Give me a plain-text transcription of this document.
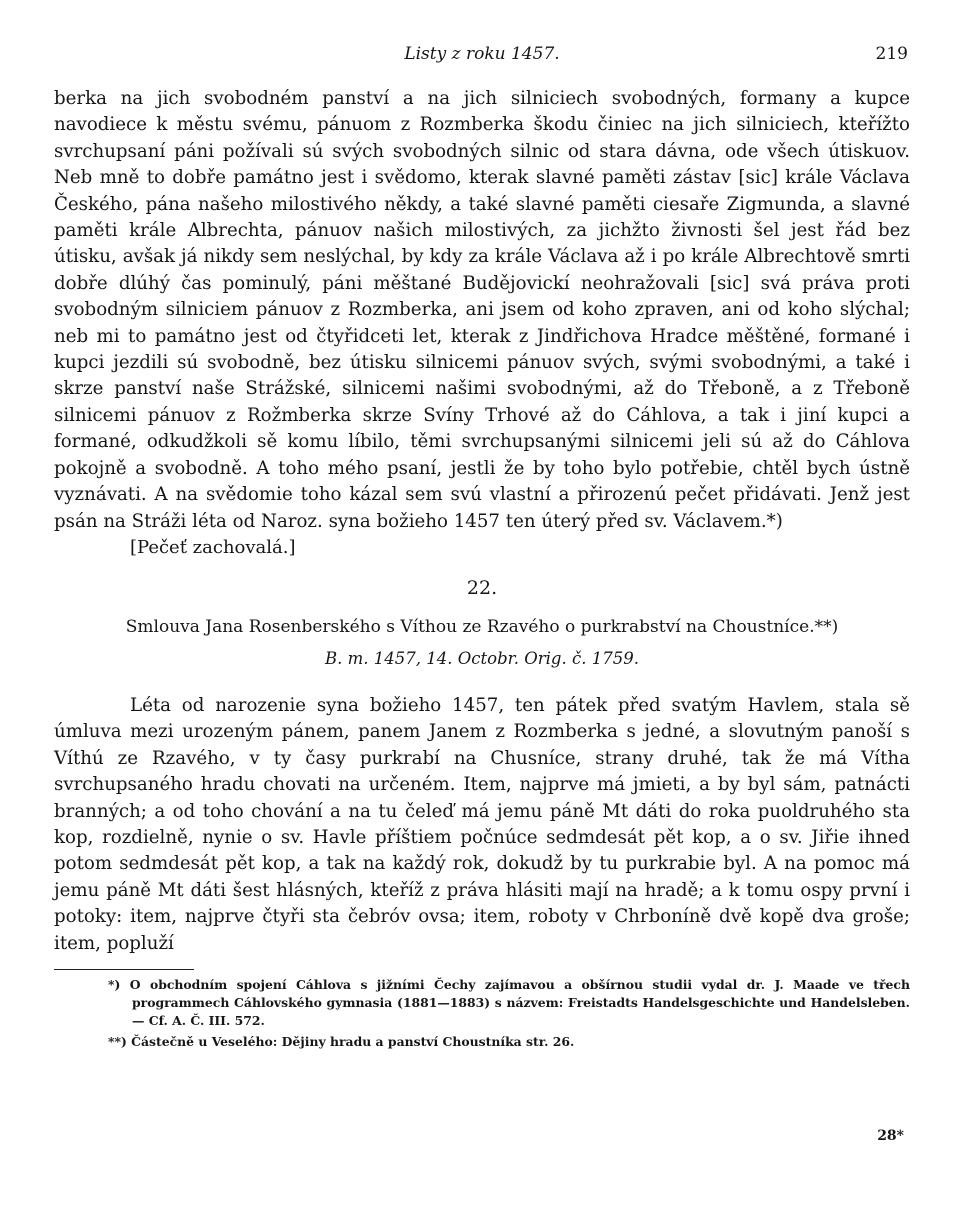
Listy z roku 1457.	219

berka na jich svobodném panství a na jich silniciech svobodných, formany a kupce navodiece k městu svému, pánuom z Rozmberka škodu činiec na jich silniciech, kteřížto svrchupsaní páni požívali sú svých svobodných silnic od stara dávna, ode všech útiskuov. Neb mně to dobře památno jest i svědomo, kterak slavné paměti zástav [sic] krále Václava Českého, pána našeho milostivého někdy, a také slavné paměti ciesaře Zigmunda, a slavné paměti krále Albrechta, pánuov našich milostivých, za jichžto živnosti šel jest řád bez útisku, avšak já nikdy sem neslýchal, by kdy za krále Václava až i po krále Albrechtově smrti dobře dlúhý čas pominulý, páni měštané Budějovickí neohražovali [sic] svá práva proti svobodným silniciem pánuov z Rozmberka, ani jsem od koho zpraven, ani od koho slýchal; neb mi to památno jest od čtyřidceti let, kterak z Jindřichova Hradce měštěné, formané i kupci jezdili sú svobodně, bez útisku silnicemi pánuov svých, svými svobodnými, a také i skrze panství naše Strážské, silnicemi našimi svobodnými, až do Třeboně, a z Třeboně silnicemi pánuov z Rožmberka skrze Svíny Trhové až do Cáhlova, a tak i jiní kupci a formané, odkudžkoli sě komu líbilo, těmi svrchupsanými silnicemi jeli sú až do Cáhlova pokojně a svobodně. A toho mého psaní, jestli že by toho bylo potřebie, chtěl bych ústně vyznávati. A na svědomie toho kázal sem svú vlastní a přirozenú pečet přidávati. Jenž jest psán na Stráži léta od Naroz. syna božieho 1457 ten úterý před sv. Václavem.*)

[Pečeť zachovalá.]

22.
Smlouva Jana Rosenberského s Víthou ze Rzavého o purkrabství na Choustníce.**)
B. m. 1457, 14. Octobr. Orig. č. 1759.

Léta od narozenie syna božieho 1457, ten pátek před svatým Havlem, stala sě úmluva mezi urozeným pánem, panem Janem z Rozmberka s jedné, a slovutným panoší s Víthú ze Rzavého, v ty časy purkrabí na Chusníce, strany druhé, tak že má Vítha svrchupsaného hradu chovati na určeném. Item, najprve má jmieti, a by byl sám, patnácti branných; a od toho chování a na tu čeleď má jemu páně Mt dáti do roka puoldruhého sta kop, rozdielně, nynie o sv. Havle příštiem počnúce sedmdesát pět kop, a o sv. Jiřie ihned potom sedmdesát pět kop, a tak na každý rok, dokudž by tu purkrabie byl. A na pomoc má jemu páně Mt dáti šest hlásných, kteříž z práva hlásiti mají na hradě; a k tomu ospy první i potoky: item, najprve čtyři sta čebróv ovsa; item, roboty v Chrboníně dvě kopě dva groše; item, popluží

*) O obchodním spojení Cáhlova s jižními Čechy zajímavou a obšírnou studii vydal dr. J. Maade ve třech programmech Cáhlovského gymnasia (1881—1883) s názvem: Freistadts Handelsgeschichte und Handelsleben. — Cf. A. Č. III. 572.

**) Částečně u Veselého: Dějiny hradu a panství Choustníka str. 26.

28*
